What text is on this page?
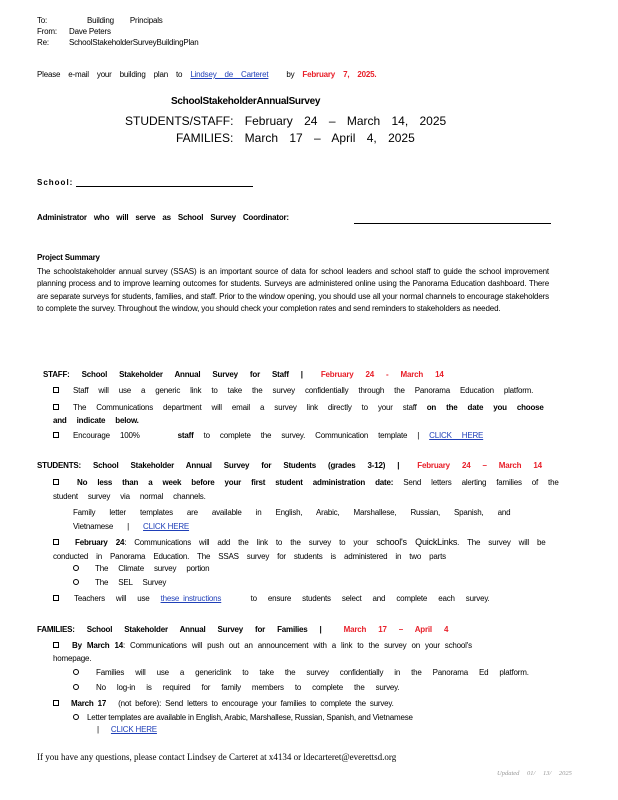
To:	Building Principals
From: Dave Peters
Re:	SchoolStakeholderSurveyBuildingPlan
Please e-mail your building plan to Lindsey de Carteret by February 7, 2025.
SchoolStakeholderAnnualSurvey
STUDENTS/STAFF: February 24 – March 14, 2025
FAMILIES: March 17 – April 4, 2025
School:
Administrator who will serve as School Survey Coordinator:
Project Summary
The schoolstakeholder annual survey (SSAS) is an important source of data for school leaders and school staff to guide the school improvement planning process and to improve learning outcomes for students. Surveys are administered online using the Panorama Education dashboard. There are separate surveys for students, families, and staff. Prior to the window opening, you should use all your normal channels to encourage stakeholders to complete the survey. Throughout the window, you should check your completion rates and send reminders to stakeholders as needed.
STAFF: School Stakeholder Annual Survey for Staff | February 24 - March 14
Staff will use a generic link to take the survey confidentially through the Panorama Education platform.
The Communications department will email a survey link directly to your staff on the date you choose and indicate below.
Encourage 100%	staff to complete the survey. Communication template | CLICK HERE
STUDENTS: School Stakeholder Annual Survey for Students (grades 3-12) | February 24 – March 14
No less than a week before your first student administration date: Send letters alerting families of the student survey via normal channels.
Family letter templates are available in English, Arabic, Marshallese, Russian, Spanish, and Vietnamese | CLICK HERE
February 24: Communications will add the link to the survey to your school's QuickLinks. The survey will be conducted in Panorama Education. The SSAS survey for students is administered in two parts
The Climate survey portion
The SEL Survey
Teachers will use these instructions	to ensure students select and complete each survey.
FAMILIES: School Stakeholder Annual Survey for Families |	March 17 – April 4
By March 14: Communications will push out an announcement with a link to the survey on your school's homepage.
Families will use a genericlink to take the survey confidentially in the Panorama Ed platform.
No log-in is required for family members to complete the survey.
March 17 (not before): Send letters to encourage your families to complete the survey.
Letter templates are available in English, Arabic, Marshallese, Russian, Spanish, and Vietnamese
| CLICK HERE
If you have any questions, please contact Lindsey de Carteret at x4134 or ldecarteret@everettsd.org
Updated 01/ 13/ 2025
